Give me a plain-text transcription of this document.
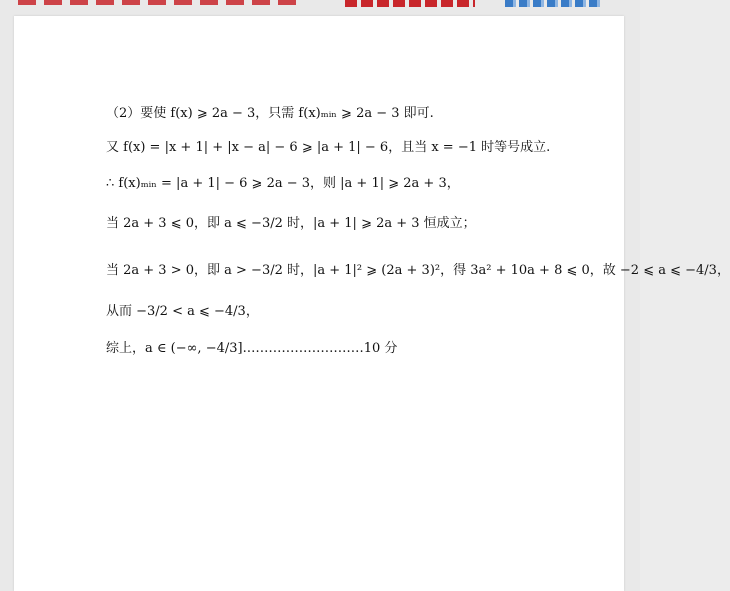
（2）要使 f(x) ⩾ 2a − 3，只需 f(x)ₘᵢₙ ⩾ 2a − 3 即可.
又 f(x) = |x + 1| + |x − a| − 6 ⩾ |a + 1| − 6，且当 x = −1 时等号成立.
∴ f(x)ₘᵢₙ = |a + 1| − 6 ⩾ 2a − 3，则 |a + 1| ⩾ 2a + 3，
当 2a + 3 ⩽ 0，即 a ⩽ −3/2 时，|a + 1| ⩾ 2a + 3 恒成立；
当 2a + 3 > 0，即 a > −3/2 时，|a + 1|² ⩾ (2a + 3)²，得 3a² + 10a + 8 ⩽ 0，故 −2 ⩽ a ⩽ −4/3，
从而 −3/2 < a ⩽ −4/3，
综上，a ∈ (−∞, −4/3].………………………10 分
